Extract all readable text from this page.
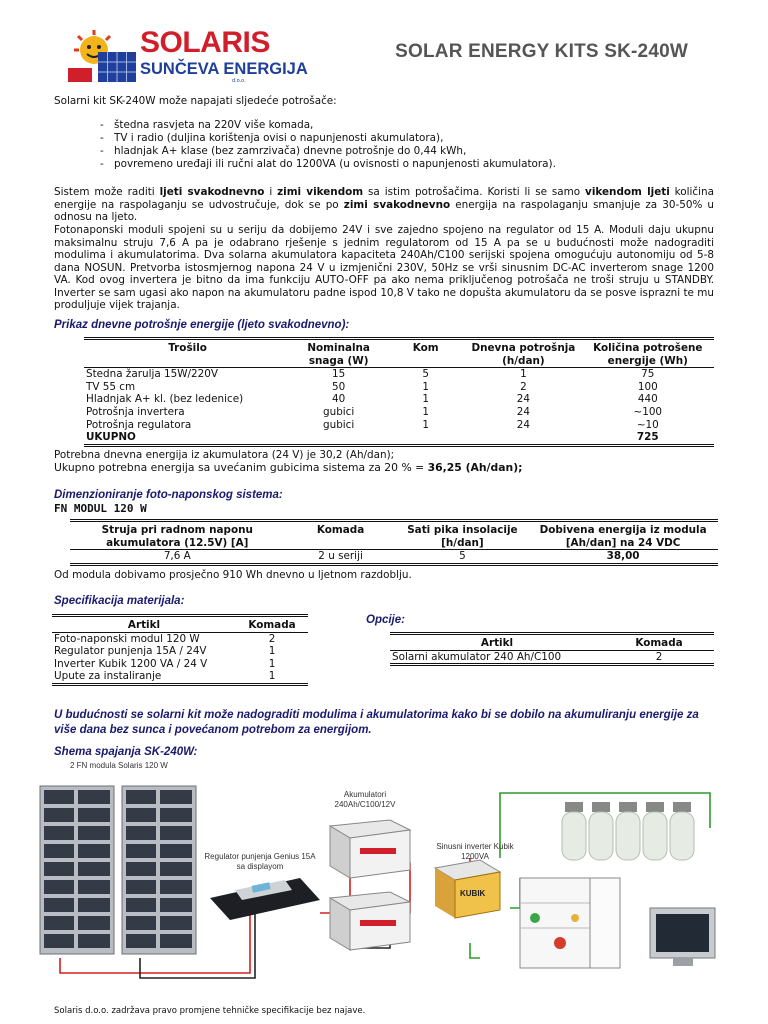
SOLARIS
SUNČEVA ENERGIJA
d.o.o.
SOLAR ENERGY KITS SK-240W

Solarni kit SK-240W može napajati sljedeće potrošače:

- štedna rasvjeta na 220V više komada,
- TV i radio (duljina korištenja ovisi o napunjenosti akumulatora),
- hladnjak A+ klase (bez zamrzivača) dnevne potrošnje do 0,44 kWh,
- povremeno uređaji ili ručni alat do 1200VA (u ovisnosti o napunjenosti akumulatora).

Sistem može raditi ljeti svakodnevno i zimi vikendom sa istim potrošačima. Koristi li se samo vikendom ljeti količina energije na raspolaganju se udvostručuje, dok se po zimi svakodnevno energija na raspolaganju smanjuje za 30-50% u odnosu na ljeto.

Fotonaponski moduli spojeni su u seriju da dobijemo 24V i sve zajedno spojeno na regulator od 15 A. Moduli daju ukupnu maksimalnu struju 7,6 A pa je odabrano rješenje s jednim regulatorom od 15 A pa se u budućnosti može nadograditi modulima i akumulatorima. Dva solarna akumulatora kapaciteta 240Ah/C100 serijski spojena omogućuju autonomiju od 5-8 dana NOSUN. Pretvorba istosmjernog napona 24 V u izmjenični 230V, 50Hz se vrši sinusnim DC-AC inverterom snage 1200 VA. Kod ovog invertera je bitno da ima funkciju AUTO-OFF pa ako nema priključenog potrošača ne troši struju u STANDBY. Inverter se sam ugasi ako napon na akumulatoru padne ispod 10,8 V tako ne dopušta akumulatoru da se posve isprazni te mu produljuje vijek trajanja.

Prikaz dnevne potrošnje energije (ljeto svakodnevno):

Trošilo	Nominalna snaga (W)	Kom	Dnevna potrošnja (h/dan)	Količina potrošene energije (Wh)

Štedna žarulja 15W/220V	15	5	1	75
TV 55 cm	50	1	2	100
Hladnjak A+ kl. (bez ledenice)	40	1	24	440
Potrošnja invertera	gubici	1	24	~100
Potrošnja regulatora	gubici	1	24	~10
UKUPNO				725

Potrebna dnevna energija iz akumulatora (24 V) je 30,2 (Ah/dan);

Ukupno potrebna energija sa uvećanim gubicima sistema za 20 % = 36,25 (Ah/dan);

Dimenzioniranje foto-naponskog sistema:
FN MODUL 120 W

Struja pri radnom naponu akumulatora (12.5V) [A]	Komada	Sati pika insolacije [h/dan]	Dobivena energija iz modula [Ah/dan] na 24 VDC

7,6 A	2 u seriji	5	38,00

Od modula dobivamo prosječno 910 Wh dnevno u ljetnom razdoblju.

Specifikacija materijala:

Artikl	Komada

Foto-naponski modul 120 W	2
Regulator punjenja 15A / 24V	1
Inverter Kubik 1200 VA / 24 V	1
Upute za instaliranje	1

Opcije:

Artikl	Komada

Solarni akumulator 240 Ah/C100	2

U budućnosti se solarni kit može nadograditi modulima i akumulatorima kako bi se dobilo na akumuliranju energije za više dana bez sunca i povećanom potrebom za energijom.

Shema spajanja SK-240W:
2 FN modula Solaris 120 W
KUBIK
Akumulatori
240Ah/C100/12V
Regulator punjenja Genius 15A
sa displayom
Sinusni inverter Kubik
1200VA

Solaris d.o.o. zadržava pravo promjene tehničke specifikacije bez najave.
